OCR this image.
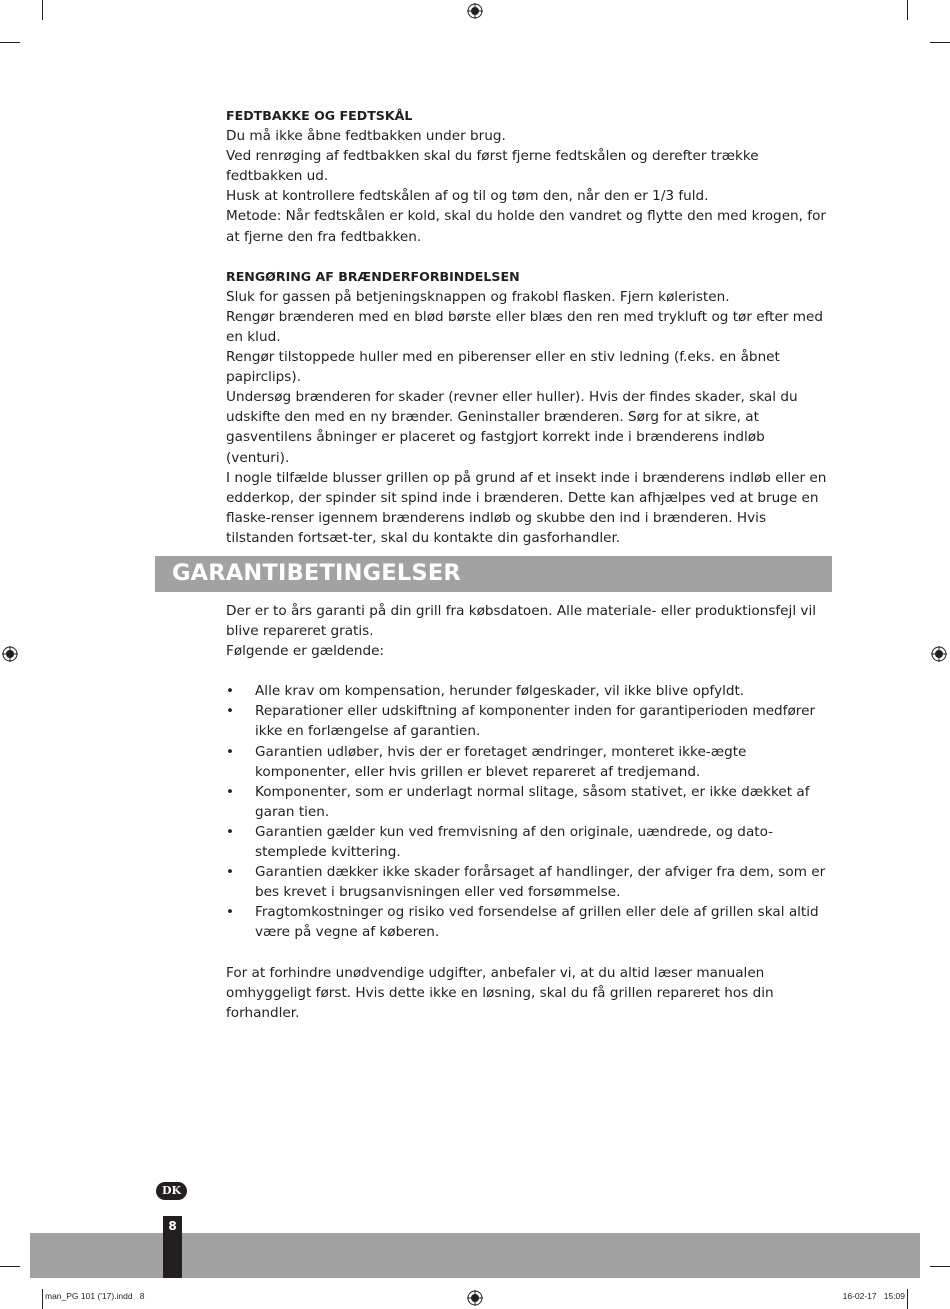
FEDTBAKKE OG FEDTSKÅL

Du må ikke åbne fedtbakken under brug.

Ved renrøging af fedtbakken skal du først fjerne fedtskålen og derefter trække fedtbakken ud.

Husk at kontrollere fedtskålen af og til og tøm den, når den er 1/3 fuld.

Metode: Når fedtskålen er kold, skal du holde den vandret og flytte den med krogen, for at fjerne den fra fedtbakken.

RENGØRING AF BRÆNDERFORBINDELSEN

Sluk for gassen på betjeningsknappen og frakobl flasken. Fjern køleristen.

Rengør brænderen med en blød børste eller blæs den ren med trykluft og tør efter med en klud.

Rengør tilstoppede huller med en piberenser eller en stiv ledning (f.eks. en åbnet papirclips).

Undersøg brænderen for skader (revner eller huller). Hvis der findes skader, skal du udskifte den med en ny brænder. Geninstaller brænderen. Sørg for at sikre, at gasventilens åbninger er placeret og fastgjort korrekt inde i brænderens indløb (venturi).

I nogle tilfælde blusser grillen op på grund af et insekt inde i brænderens indløb eller en edderkop, der spinder sit spind inde i brænderen. Dette kan afhjælpes ved at bruge en flaske-renser igennem brænderens indløb og skubbe den ind i brænderen. Hvis tilstanden fortsæt-ter, skal du kontakte din gasforhandler.

GARANTIBETINGELSER

Der er to års garanti på din grill fra købsdatoen. Alle materiale- eller produktionsfejl vil blive repareret gratis.

Følgende er gældende:

• Alle krav om kompensation, herunder følgeskader, vil ikke blive opfyldt.
• Reparationer eller udskiftning af komponenter inden for garantiperioden medfører ikke en forlængelse af garantien.
• Garantien udløber, hvis der er foretaget ændringer, monteret ikke-ægte komponenter, eller hvis grillen er blevet repareret af tredjemand.
• Komponenter, som er underlagt normal slitage, såsom stativet, er ikke dækket af garan tien.
• Garantien gælder kun ved fremvisning af den originale, uændrede, og dato-stemplede kvittering.
• Garantien dækker ikke skader forårsaget af handlinger, der afviger fra dem, som er bes krevet i brugsanvisningen eller ved forsømmelse.
• Fragtomkostninger og risiko ved forsendelse af grillen eller dele af grillen skal altid være på vegne af køberen.

For at forhindre unødvendige udgifter, anbefaler vi, at du altid læser manualen omhyggeligt først. Hvis dette ikke en løsning, skal du få grillen repareret hos din forhandler.

DK
8
man_PG 101 ('17).indd   8	16-02-17   15:09
